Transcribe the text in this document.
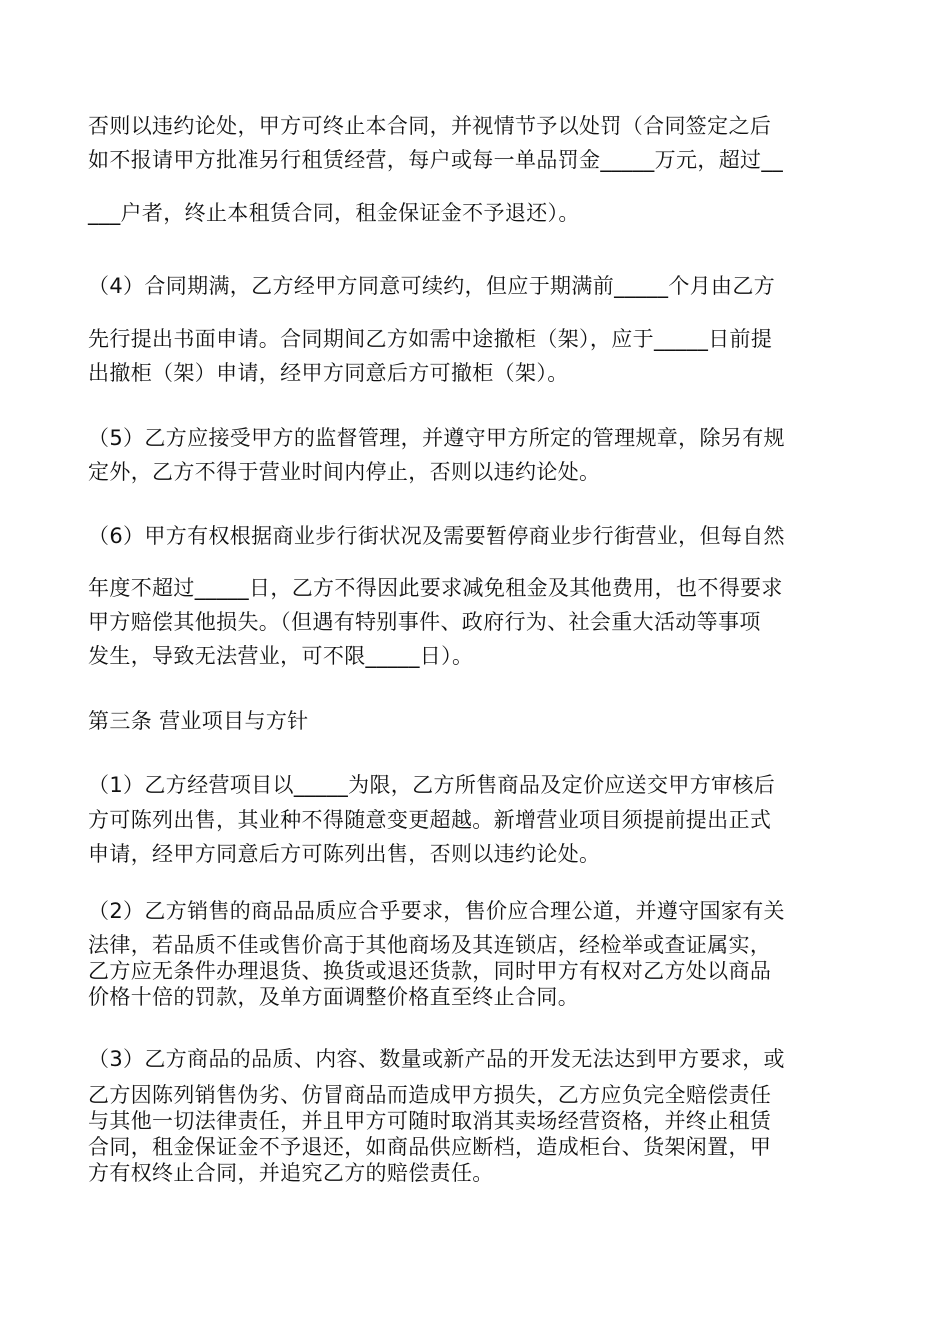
否则以违约论处，甲方可终止本合同，并视情节予以处罚（合同签定之后

如不报请甲方批准另行租赁经营，每户或每一单品罚金_____万元，超过__

___户者，终止本租赁合同，租金保证金不予退还）。

（4）合同期满，乙方经甲方同意可续约，但应于期满前_____个月由乙方

先行提出书面申请。合同期间乙方如需中途撤柜（架），应于_____日前提

出撤柜（架）申请，经甲方同意后方可撤柜（架）。

（5）乙方应接受甲方的监督管理，并遵守甲方所定的管理规章，除另有规

定外，乙方不得于营业时间内停止，否则以违约论处。

（6）甲方有权根据商业步行街状况及需要暂停商业步行街营业，但每自然

年度不超过_____日，乙方不得因此要求减免租金及其他费用，也不得要求

甲方赔偿其他损失。（但遇有特别事件、政府行为、社会重大活动等事项

发生，导致无法营业，可不限_____日）。

第三条 营业项目与方针

（1）乙方经营项目以_____为限，乙方所售商品及定价应送交甲方审核后

方可陈列出售，其业种不得随意变更超越。新增营业项目须提前提出正式

申请，经甲方同意后方可陈列出售，否则以违约论处。

（2）乙方销售的商品品质应合乎要求，售价应合理公道，并遵守国家有关

法律，若品质不佳或售价高于其他商场及其连锁店，经检举或查证属实，

乙方应无条件办理退货、换货或退还货款，同时甲方有权对乙方处以商品

价格十倍的罚款，及单方面调整价格直至终止合同。

（3）乙方商品的品质、内容、数量或新产品的开发无法达到甲方要求，或

乙方因陈列销售伪劣、仿冒商品而造成甲方损失，乙方应负完全赔偿责任

与其他一切法律责任，并且甲方可随时取消其卖场经营资格，并终止租赁

合同，租金保证金不予退还，如商品供应断档，造成柜台、货架闲置，甲

方有权终止合同，并追究乙方的赔偿责任。
